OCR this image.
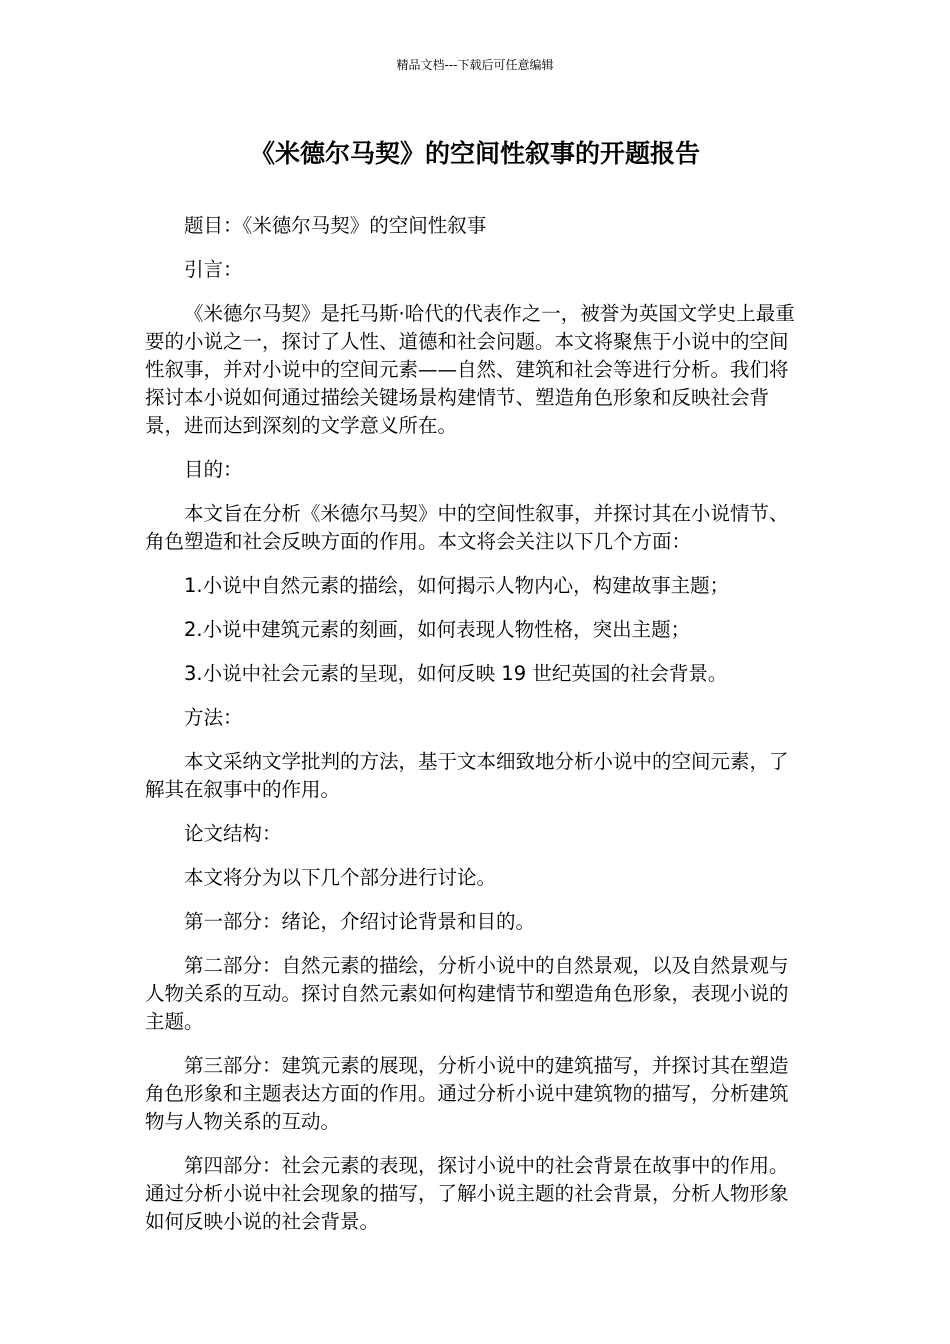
精品文档---下载后可任意编辑
《米德尔马契》的空间性叙事的开题报告

题目：《米德尔马契》的空间性叙事

引言：

《米德尔马契》是托马斯·哈代的代表作之一，被誉为英国文学史上最重要的小说之一，探讨了人性、道德和社会问题。本文将聚焦于小说中的空间性叙事，并对小说中的空间元素——自然、建筑和社会等进行分析。我们将探讨本小说如何通过描绘关键场景构建情节、塑造角色形象和反映社会背景，进而达到深刻的文学意义所在。

目的：

本文旨在分析《米德尔马契》中的空间性叙事，并探讨其在小说情节、角色塑造和社会反映方面的作用。本文将会关注以下几个方面：

1.小说中自然元素的描绘，如何揭示人物内心，构建故事主题；

2.小说中建筑元素的刻画，如何表现人物性格，突出主题；

3.小说中社会元素的呈现，如何反映 19 世纪英国的社会背景。

方法：

本文采纳文学批判的方法，基于文本细致地分析小说中的空间元素，了解其在叙事中的作用。

论文结构：

本文将分为以下几个部分进行讨论。

第一部分：绪论，介绍讨论背景和目的。

第二部分：自然元素的描绘，分析小说中的自然景观，以及自然景观与人物关系的互动。探讨自然元素如何构建情节和塑造角色形象，表现小说的主题。

第三部分：建筑元素的展现，分析小说中的建筑描写，并探讨其在塑造角色形象和主题表达方面的作用。通过分析小说中建筑物的描写，分析建筑物与人物关系的互动。

第四部分：社会元素的表现，探讨小说中的社会背景在故事中的作用。通过分析小说中社会现象的描写，了解小说主题的社会背景，分析人物形象如何反映小说的社会背景。
